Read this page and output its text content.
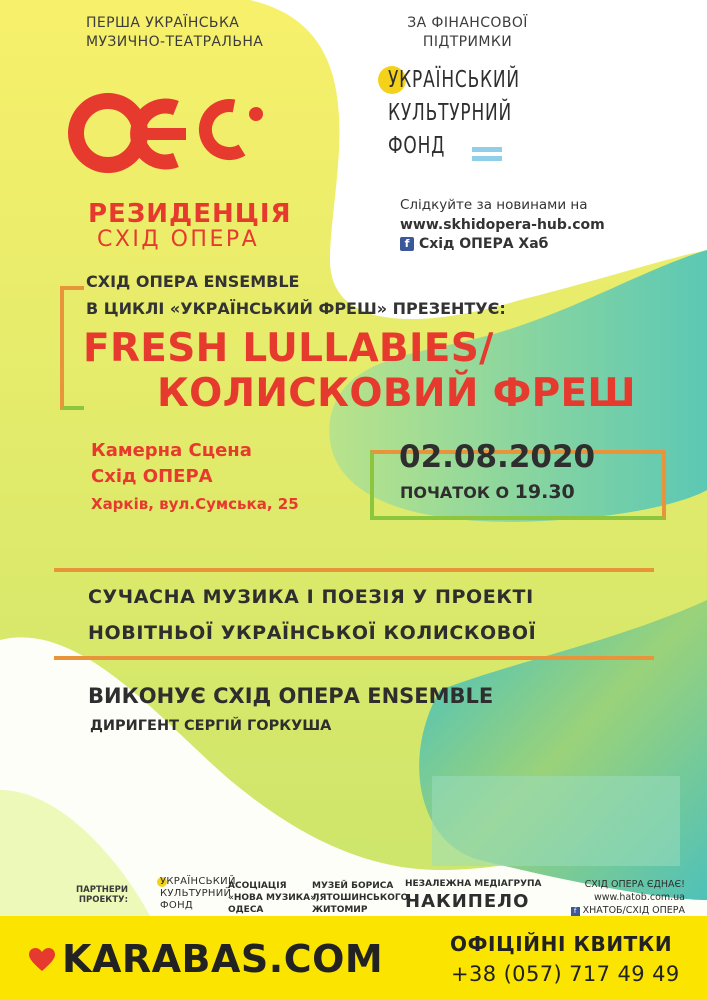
ПЕРША УКРАЇНСЬКА
МУЗИЧНО-ТЕАТРАЛЬНА
РЕЗИДЕНЦІЯ
СХІД ОПЕРА
ЗА ФІНАНСОВОЇ
ПІДТРИМКИ
УКРАЇНСЬКИЙ
КУЛЬТУРНИЙ
ФОНД
Слідкуйте за новинами на
www.skhidopera-hub.com
f Схід ОПЕРА Хаб
СХІД ОПЕРА ENSEMBLE
В ЦИКЛІ «УКРАЇНСЬКИЙ ФРЕШ» ПРЕЗЕНТУЄ:
FRESH LULLABIES/
КОЛИСКОВИЙ ФРЕШ
Камерна Сцена
Схід ОПЕРА
Харків, вул.Сумська, 25
02.08.2020
ПОЧАТОК О 19.30
СУЧАСНА МУЗИКА І ПОЕЗІЯ У ПРОЕКТІ
НОВІТНЬОЇ УКРАЇНСЬКОЇ КОЛИСКОВОЇ
ВИКОНУЄ СХІД ОПЕРА ENSEMBLE
ДИРИГЕНТ СЕРГІЙ ГОРКУША
ПАРТНЕРИ
ПРОЕКТУ:
УКРАЇНСЬКИЙ
КУЛЬТУРНИЙ
ФОНД
АСОЦІАЦІЯ
«НОВА МУЗИКА»,
ОДЕСА
МУЗЕЙ БОРИСА
ЛЯТОШИНСЬКОГО,
ЖИТОМИР
НЕЗАЛЕЖНА МЕДІАГРУПА
НАКИПЕЛО
СХІД ОПЕРА ЄДНАЄ!
www.hatob.com.ua
f ХНАТОБ/СХІД ОПЕРА
KARABAS.COM	ОФІЦІЙНІ КВИТКИ
+38 (057) 717 49 49
